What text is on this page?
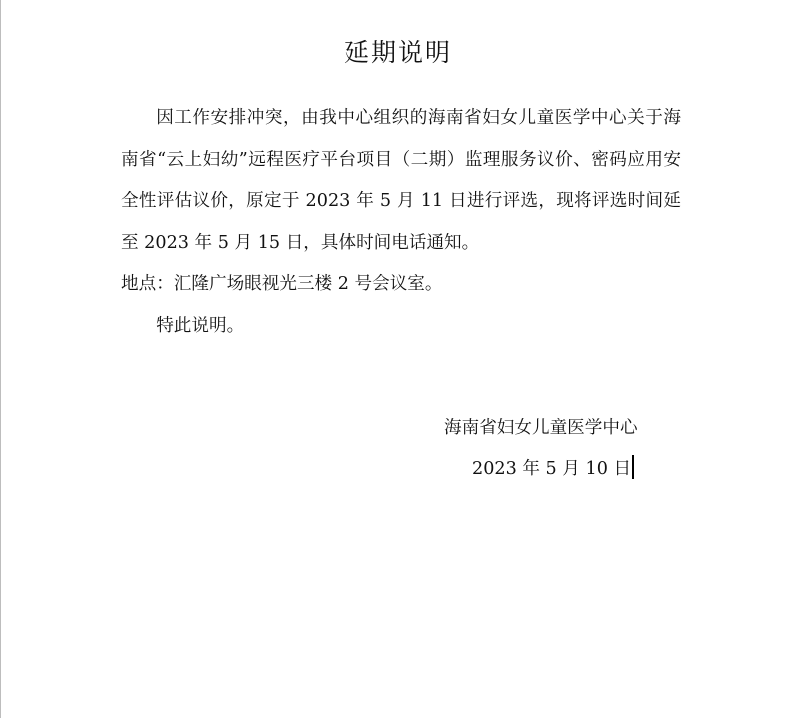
延期说明

因工作安排冲突，由我中心组织的海南省妇女儿童医学中心关于海南省“云上妇幼”远程医疗平台项目（二期）监理服务议价、密码应用安全性评估议价，原定于 2023 年 5 月 11 日进行评选，现将评选时间延至 2023 年 5 月 15 日，具体时间电话通知。

地点：汇隆广场眼视光三楼 2 号会议室。

特此说明。

海南省妇女儿童医学中心
2023 年 5 月 10 日
